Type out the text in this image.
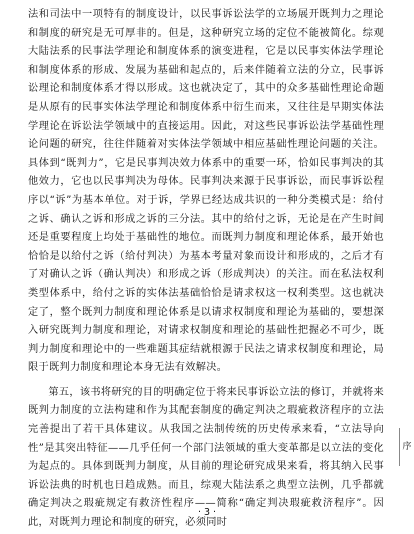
法和司法中一项特有的制度设计，以民事诉讼法学的立场展开既判力之理论和制度的研究是无可厚非的。但是，这种研究立场的定位不能被简化。综观大陆法系的民事法学理论和制度体系的演变进程，它是以民事实体法学理论和制度体系的形成、发展为基础和起点的，后来伴随着立法的分立，民事诉讼理论和制度体系才得以形成。这也就决定了，其中的众多基础性理论命题是从原有的民事实体法学理论和制度体系中衍生而来，又往往是早期实体法学理论在诉讼法学领域中的直接运用。因此，对这些民事诉讼法学基础性理论问题的研究，往往伴随着对实体法学领域中相应基础性理论问题的关注。具体到“既判力”，它是民事判决效力体系中的重要一环，恰如民事判决的其他效力，它也以民事判决为母体。民事判决来源于民事诉讼，而民事诉讼程序以“诉”为基本单位。对于诉，学界已经达成共识的一种分类模式是：给付之诉、确认之诉和形成之诉的三分法。其中的给付之诉，无论是在产生时间还是重要程度上均处于基础性的地位。而既判力制度和理论体系，最开始也恰恰是以给付之诉（给付判决）为基本考量对象而设计和形成的，之后才有了对确认之诉（确认判决）和形成之诉（形成判决）的关注。而在私法权利类型体系中，给付之诉的实体法基础恰恰是请求权这一权利类型。这也就决定了，整个既判力制度和理论体系是以请求权制度和理论为基础的，要想深入研究既判力制度和理论，对请求权制度和理论的基础性把握必不可少，既判力制度和理论中的一些难题其症结就根源于民法之请求权制度和理论，局限于既判力制度和理论本身无法有效解决。

第五，该书将研究的目的明确定位于将来民事诉讼立法的修订，并就将来既判力制度的立法构建和作为其配套制度的确定判决之瑕疵救济程序的立法完善提出了若干具体建议。从我国之法制传统的历史传承来看，“立法导向性”是其突出特征——几乎任何一个部门法领域的重大变革都是以立法的变化为起点的。具体到既判力制度，从目前的理论研究成果来看，将其纳入民事诉讼法典的时机也日趋成熟。而且，综观大陆法系之典型立法例，几乎都就确定判决之瑕疵规定有救济性程序——简称“确定判决瑕疵救济程序”。因此，对既判力理论和制度的研究，必须同时

序
· 3 ·
